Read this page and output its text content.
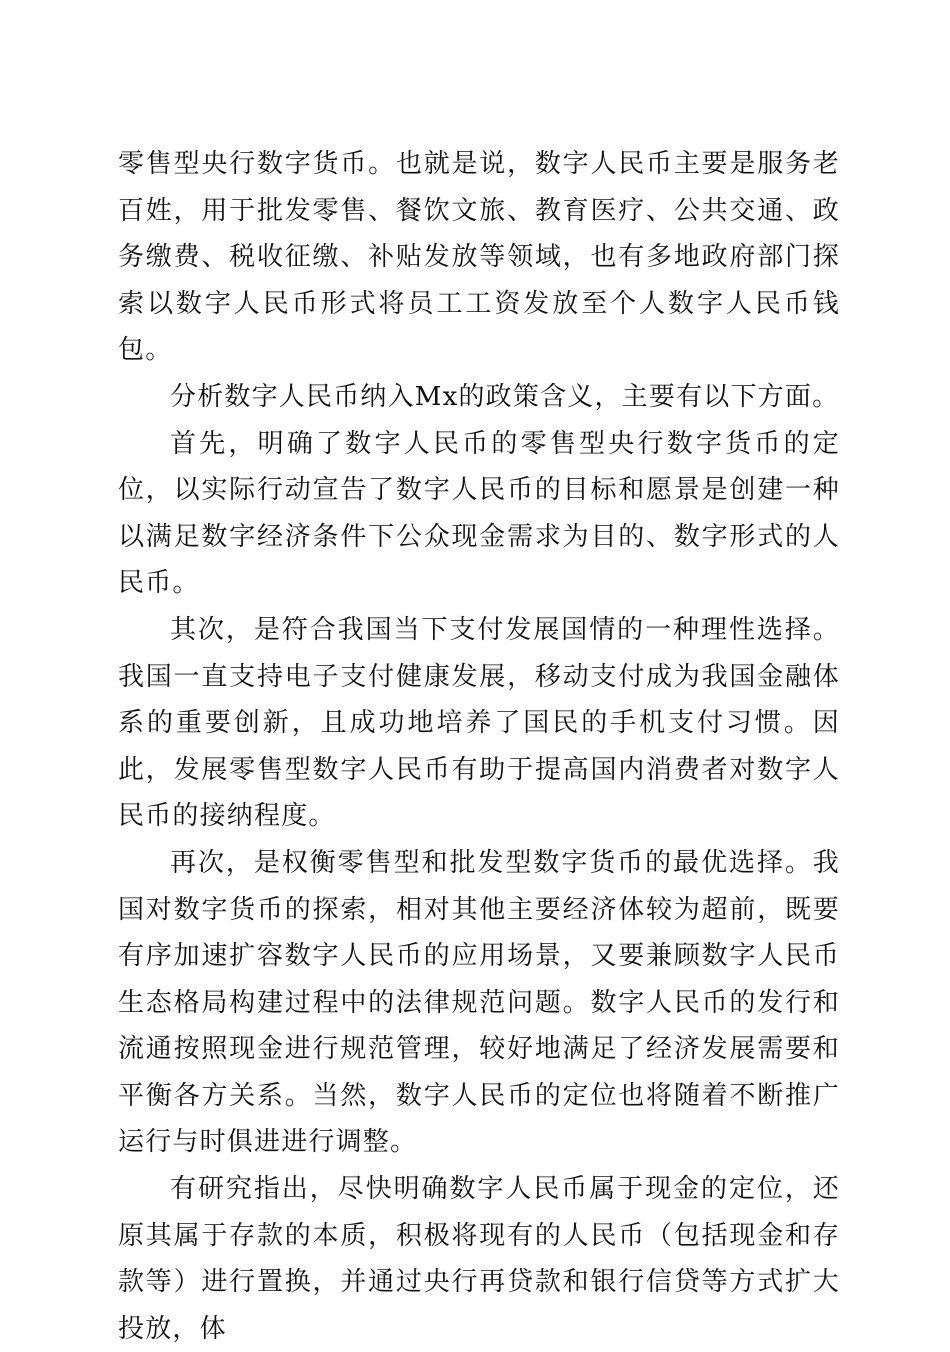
零售型央行数字货币。也就是说，数字人民币主要是服务老百姓，用于批发零售、餐饮文旅、教育医疗、公共交通、政务缴费、税收征缴、补贴发放等领域，也有多地政府部门探索以数字人民币形式将员工工资发放至个人数字人民币钱包。

分析数字人民币纳入Mx的政策含义，主要有以下方面。

首先，明确了数字人民币的零售型央行数字货币的定位，以实际行动宣告了数字人民币的目标和愿景是创建一种以满足数字经济条件下公众现金需求为目的、数字形式的人民币。

其次，是符合我国当下支付发展国情的一种理性选择。我国一直支持电子支付健康发展，移动支付成为我国金融体系的重要创新，且成功地培养了国民的手机支付习惯。因此，发展零售型数字人民币有助于提高国内消费者对数字人民币的接纳程度。

再次，是权衡零售型和批发型数字货币的最优选择。我国对数字货币的探索，相对其他主要经济体较为超前，既要有序加速扩容数字人民币的应用场景，又要兼顾数字人民币生态格局构建过程中的法律规范问题。数字人民币的发行和流通按照现金进行规范管理，较好地满足了经济发展需要和平衡各方关系。当然，数字人民币的定位也将随着不断推广运行与时俱进进行调整。

有研究指出，尽快明确数字人民币属于现金的定位，还原其属于存款的本质，积极将现有的人民币（包括现金和存款等）进行置换，并通过央行再贷款和银行信贷等方式扩大投放，体
